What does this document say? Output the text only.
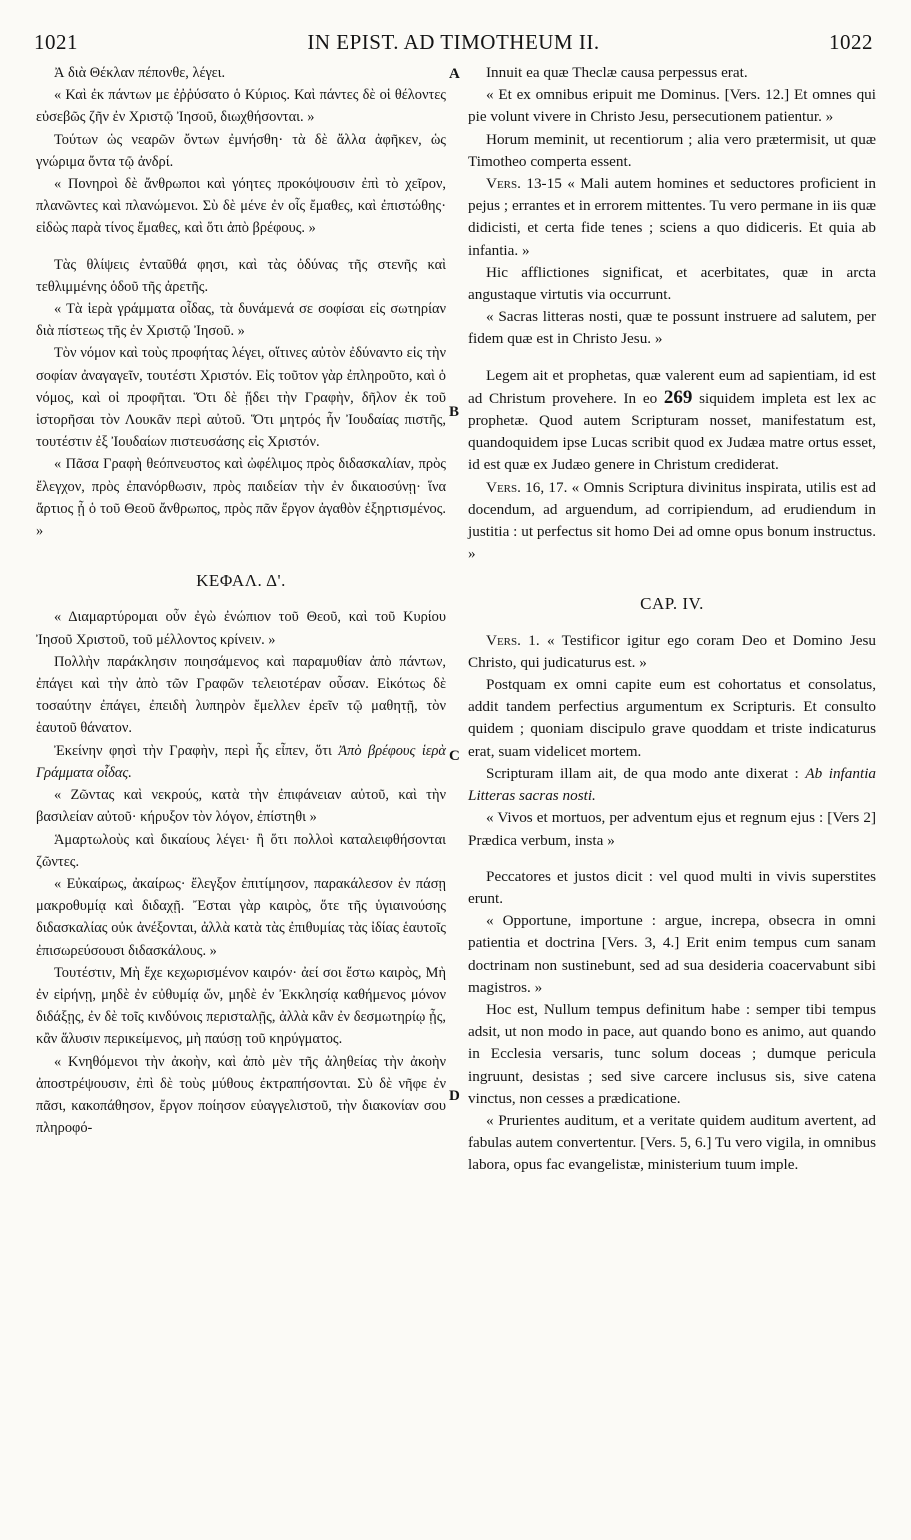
1021	IN EPIST. AD TIMOTHEUM II.	1022
A
B
C
D

Ἀ διὰ Θέκλαν πέπονθε, λέγει.

« Καὶ ἐκ πάντων με ἐῤῥύσατο ὁ Κύριος. Καὶ πάντες δὲ οἱ θέλοντες εὐσεβῶς ζῆν ἐν Χριστῷ Ἰησοῦ, διωχθήσονται. »

Τούτων ὡς νεαρῶν ὄντων ἐμνήσθη· τὰ δὲ ἄλλα ἀφῆκεν, ὡς γνώριμα ὄντα τῷ ἀνδρί.

« Πονηροὶ δὲ ἄνθρωποι καὶ γόητες προκόψουσιν ἐπὶ τὸ χεῖρον, πλανῶντες καὶ πλανώμενοι. Σὺ δὲ μένε ἐν οἷς ἔμαθες, καὶ ἐπιστώθης· εἰδὼς παρὰ τίνος ἔμαθες, καὶ ὅτι ἀπὸ βρέφους. »

Τὰς θλίψεις ἐνταῦθά φησι, καὶ τὰς ὀδύνας τῆς στενῆς καὶ τεθλιμμένης ὁδοῦ τῆς ἀρετῆς.

« Τὰ ἱερὰ γράμματα οἶδας, τὰ δυνάμενά σε σοφίσαι εἰς σωτηρίαν διὰ πίστεως τῆς ἐν Χριστῷ Ἰησοῦ. »

Τὸν νόμον καὶ τοὺς προφήτας λέγει, οἵτινες αὐτὸν ἐδύναντο εἰς τὴν σοφίαν ἀναγαγεῖν, τουτέστι Χριστόν. Εἰς τοῦτον γὰρ ἐπληροῦτο, καὶ ὁ νόμος, καὶ οἱ προφῆται. Ὅτι δὲ ᾔδει τὴν Γραφὴν, δῆλον ἐκ τοῦ ἱστορῆσαι τὸν Λουκᾶν περὶ αὐτοῦ. Ὅτι μητρός ἦν Ἰουδαίας πιστῆς, τουτέστιν ἐξ Ἰουδαίων πιστευσάσης εἰς Χριστόν.

« Πᾶσα Γραφὴ θεόπνευστος καὶ ὠφέλιμος πρὸς διδασκαλίαν, πρὸς ἔλεγχον, πρὸς ἐπανόρθωσιν, πρὸς παιδείαν τὴν ἐν δικαιοσύνῃ· ἵνα ἄρτιος ᾖ ὁ τοῦ Θεοῦ ἄνθρωπος, πρὸς πᾶν ἔργον ἀγαθὸν ἐξηρτισμένος. »

ΚΕΦΑΛ. Δ'.

« Διαμαρτύρομαι οὖν ἐγὼ ἐνώπιον τοῦ Θεοῦ, καὶ τοῦ Κυρίου Ἰησοῦ Χριστοῦ, τοῦ μέλλοντος κρίνειν. »

Πολλὴν παράκλησιν ποιησάμενος καὶ παραμυθίαν ἀπὸ πάντων, ἐπάγει καὶ τὴν ἀπὸ τῶν Γραφῶν τελειοτέραν οὖσαν. Εἰκότως δὲ τοσαύτην ἐπάγει, ἐπειδὴ λυπηρὸν ἔμελλεν ἐρεῖν τῷ μαθητῇ, τὸν ἑαυτοῦ θάνατον.

Ἐκείνην φησὶ τὴν Γραφὴν, περὶ ἧς εἶπεν, ὅτι Ἀπὸ βρέφους ἱερὰ Γράμματα οἶδας.

« Ζῶντας καὶ νεκρούς, κατὰ τὴν ἐπιφάνειαν αὐτοῦ, καὶ τὴν βασιλείαν αὐτοῦ· κήρυξον τὸν λόγον, ἐπίστηθι »

Ἁμαρτωλοὺς καὶ δικαίους λέγει· ἢ ὅτι πολλοὶ καταλειφθήσονται ζῶντες.

« Εὐκαίρως, ἀκαίρως· ἔλεγξον ἐπιτίμησον, παρακάλεσον ἐν πάσῃ μακροθυμίᾳ καὶ διδαχῇ. Ἔσται γὰρ καιρὸς, ὅτε τῆς ὑγιαινούσης διδασκαλίας οὐκ ἀνέξονται, ἀλλὰ κατὰ τὰς ἐπιθυμίας τὰς ἰδίας ἑαυτοῖς ἐπισωρεύσουσι διδασκάλους. »

Τουτέστιν, Μὴ ἔχε κεχωρισμένον καιρόν· ἀεί σοι ἔστω καιρὸς, Μὴ ἐν εἰρήνῃ, μηδὲ ἐν εὐθυμίᾳ ὤν, μηδὲ ἐν Ἐκκλησίᾳ καθήμενος μόνον διδάξῃς, ἐν δὲ τοῖς κινδύνοις περισταλῇς, ἀλλὰ κἂν ἐν δεσμωτηρίῳ ᾖς, κἂν ἅλυσιν περικείμενος, μὴ παύσῃ τοῦ κηρύγματος.

« Κνηθόμενοι τὴν ἀκοὴν, καὶ ἀπὸ μὲν τῆς ἀληθείας τὴν ἀκοὴν ἀποστρέψουσιν, ἐπὶ δὲ τοὺς μύθους ἐκτραπήσονται. Σὺ δὲ νῆφε ἐν πᾶσι, κακοπάθησον, ἔργον ποίησον εὐαγγελιστοῦ, τὴν διακονίαν σου πληροφό-

Innuit ea quæ Theclæ causa perpessus erat.

« Et ex omnibus eripuit me Dominus. [Vers. 12.] Et omnes qui pie volunt vivere in Christo Jesu, persecutionem patientur. »

Horum meminit, ut recentiorum ; alia vero prætermisit, ut quæ Timotheo comperta essent.

Vers. 13-15 « Mali autem homines et seductores proficient in pejus ; errantes et in errorem mittentes. Tu vero permane in iis quæ didicisti, et certa fide tenes ; sciens a quo didiceris. Et quia ab infantia. »

Hic afflictiones significat, et acerbitates, quæ in arcta angustaque virtutis via occurrunt.

« Sacras litteras nosti, quæ te possunt instruere ad salutem, per fidem quæ est in Christo Jesu. »

Legem ait et prophetas, quæ valerent eum ad sapientiam, id est ad Christum provehere. In eo 269 siquidem impleta est lex ac prophetæ. Quod autem Scripturam nosset, manifestatum est, quandoquidem ipse Lucas scribit quod ex Judæa matre ortus esset, id est quæ ex Judæo genere in Christum crediderat.

Vers. 16, 17. « Omnis Scriptura divinitus inspirata, utilis est ad docendum, ad arguendum, ad corripiendum, ad erudiendum in justitia : ut perfectus sit homo Dei ad omne opus bonum instructus. »

CAP. IV.

Vers. 1. « Testificor igitur ego coram Deo et Domino Jesu Christo, qui judicaturus est. »

Postquam ex omni capite eum est cohortatus et consolatus, addit tandem perfectius argumentum ex Scripturis. Et consulto quidem ; quoniam discipulo grave quoddam et triste indicaturus erat, suam videlicet mortem.

Scripturam illam ait, de qua modo ante dixerat : Ab infantia Litteras sacras nosti.

« Vivos et mortuos, per adventum ejus et regnum ejus : [Vers 2] Prædica verbum, insta »

Peccatores et justos dicit : vel quod multi in vivis superstites erunt.

« Opportune, importune : argue, increpa, obsecra in omni patientia et doctrina [Vers. 3, 4.] Erit enim tempus cum sanam doctrinam non sustinebunt, sed ad sua desideria coacervabunt sibi magistros. »

Hoc est, Nullum tempus definitum habe : semper tibi tempus adsit, ut non modo in pace, aut quando bono es animo, aut quando in Ecclesia versaris, tunc solum doceas ; dumque pericula ingruunt, desistas ; sed sive carcere inclusus sis, sive catena vinctus, non cesses a prædicatione.

« Prurientes auditum, et a veritate quidem auditum avertent, ad fabulas autem convertentur. [Vers. 5, 6.] Tu vero vigila, in omnibus labora, opus fac evangelistæ, ministerium tuum imple.
